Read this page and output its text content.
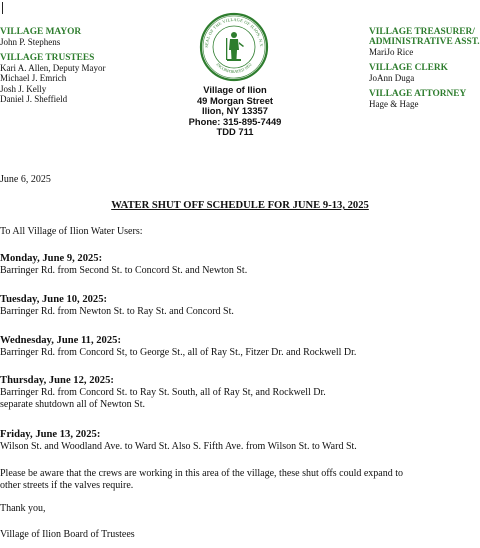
VILLAGE MAYOR
John P. Stephens
VILLAGE TRUSTEES
Kari A. Allen, Deputy Mayor
Michael J. Emrich
Josh J. Kelly
Daniel J. Sheffield
SEAL OF THE VILLAGE OF ILION, N.Y.
INCORPORATED 1852
Village of Ilion
49 Morgan Street
Ilion, NY 13357
Phone: 315-895-7449
TDD 711
VILLAGE TREASURER/ ADMINISTRATIVE ASST.
MariJo Rice
VILLAGE CLERK
JoAnn Duga
VILLAGE ATTORNEY
Hage & Hage
June 6, 2025
WATER SHUT OFF SCHEDULE FOR JUNE 9-13, 2025
To All Village of Ilion Water Users:
Monday, June 9, 2025:
Barringer Rd. from Second St. to Concord St. and Newton St.
Tuesday, June 10, 2025:
Barringer Rd. from Newton St. to Ray St. and Concord St.
Wednesday, June 11, 2025:
Barringer Rd. from Concord St, to George St., all of Ray St., Fitzer Dr. and Rockwell Dr.
Thursday, June 12, 2025:
Barringer Rd. from Concord St. to Ray St. South, all of Ray St, and Rockwell Dr.
separate shutdown all of Newton St.
Friday, June 13, 2025:
Wilson St. and Woodland Ave. to Ward St. Also S. Fifth Ave. from Wilson St. to Ward St.
Please be aware that the crews are working in this area of the village, these shut offs could expand to
other streets if the valves require.
Thank you,
Village of Ilion Board of Trustees
